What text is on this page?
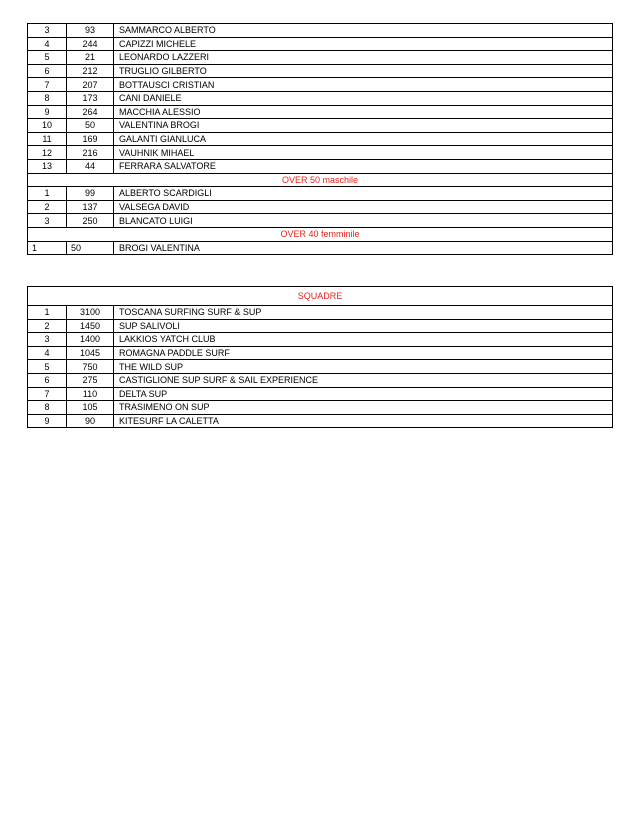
3	93	SAMMARCO ALBERTO
4	244	CAPIZZI MICHELE
5	21	LEONARDO LAZZERI
6	212	TRUGLIO GILBERTO
7	207	BOTTAUSCI CRISTIAN
8	173	CANI DANIELE
9	264	MACCHIA ALESSIO
10	50	VALENTINA BROGI
11	169	GALANTI GIANLUCA
12	216	VAUHNIK MIHAEL
13	44	FERRARA SALVATORE
OVER 50 maschile		
1	99	ALBERTO SCARDIGLI
2	137	VALSEGA DAVID
3	250	BLANCATO LUIGI
OVER 40 femminile		
1	50	BROGI VALENTINA
SQUADRE		
1	3100	TOSCANA SURFING SURF & SUP
2	1450	SUP SALIVOLI
3	1400	LAKKIOS YATCH CLUB
4	1045	ROMAGNA PADDLE SURF
5	750	THE WILD SUP
6	275	CASTIGLIONE SUP SURF & SAIL EXPERIENCE
7	110	DELTA SUP
8	105	TRASIMENO ON SUP
9	90	KITESURF LA CALETTA
